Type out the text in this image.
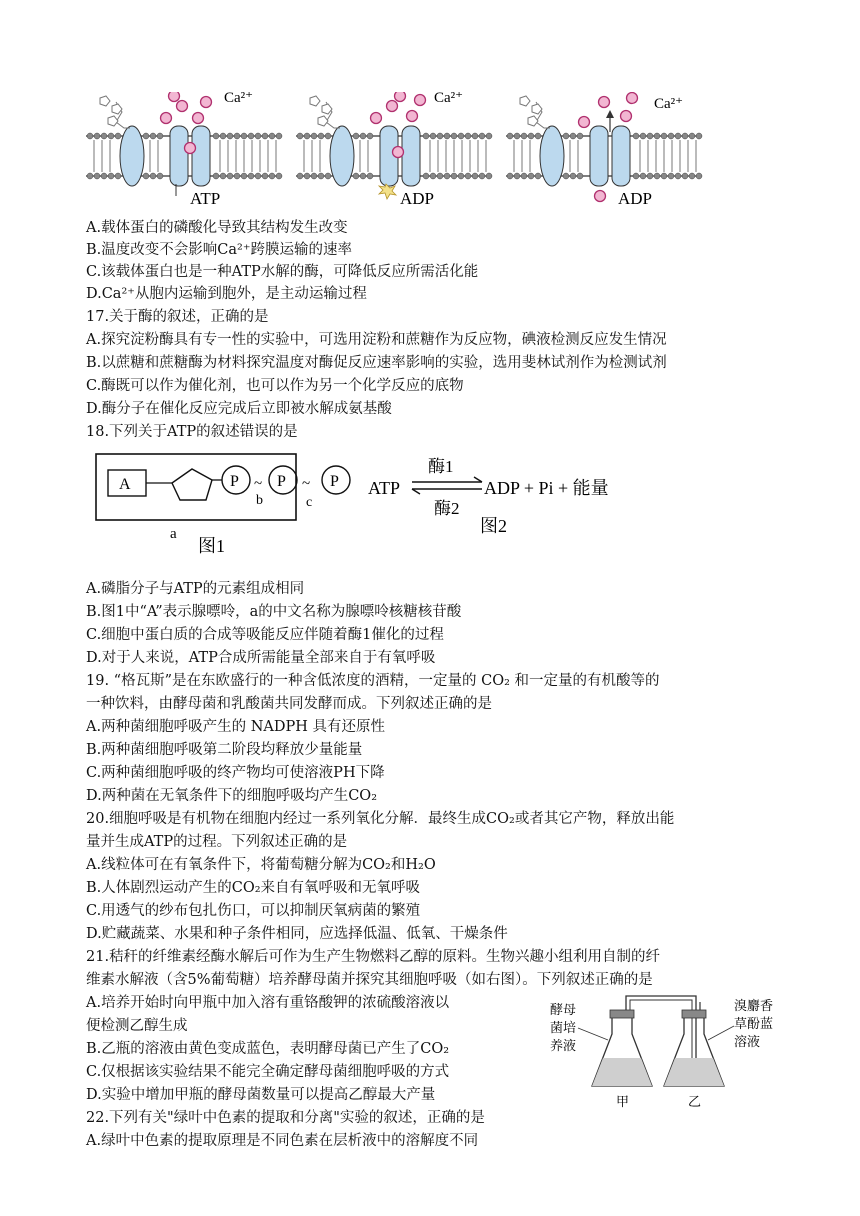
Ca²⁺
ATP
Ca²⁺
ADP
Ca²⁺
ADP
A.载体蛋白的磷酸化导致其结构发生改变
B.温度改变不会影响Ca²⁺跨膜运输的速率
C.该载体蛋白也是一种ATP水解的酶，可降低反应所需活化能
D.Ca²⁺从胞内运输到胞外，是主动运输过程
17.关于酶的叙述，正确的是
A.探究淀粉酶具有专一性的实验中，可选用淀粉和蔗糖作为反应物，碘液检测反应发生情况
B.以蔗糖和蔗糖酶为材料探究温度对酶促反应速率影响的实验，选用斐林试剂作为检测试剂
C.酶既可以作为催化剂，也可以作为另一个化学反应的底物
D.酶分子在催化反应完成后立即被水解成氨基酸
18.下列关于ATP的叙述错误的是
A	P ~
b
P ~
c
P
a
图1
ATP
酶1
酶2
ADP + Pi + 能量
图2
A.磷脂分子与ATP的元素组成相同
B.图1中“A”表示腺嘌呤，a的中文名称为腺嘌呤核糖核苷酸
C.细胞中蛋白质的合成等吸能反应伴随着酶1催化的过程
D.对于人来说，ATP合成所需能量全部来自于有氧呼吸
19. “格瓦斯”是在东欧盛行的一种含低浓度的酒精，一定量的 CO₂ 和一定量的有机酸等的
一种饮料，由酵母菌和乳酸菌共同发酵而成。下列叙述正确的是
A.两种菌细胞呼吸产生的 NADPH 具有还原性
B.两种菌细胞呼吸第二阶段均释放少量能量
C.两种菌细胞呼吸的终产物均可使溶液PH下降
D.两种菌在无氧条件下的细胞呼吸均产生CO₂
20.细胞呼吸是有机物在细胞内经过一系列氧化分解．最终生成CO₂或者其它产物，释放出能
量并生成ATP的过程。下列叙述正确的是
A.线粒体可在有氧条件下，将葡萄糖分解为CO₂和H₂O
B.人体剧烈运动产生的CO₂来自有氧呼吸和无氧呼吸
C.用透气的纱布包扎伤口，可以抑制厌氧病菌的繁殖
D.贮藏蔬菜、水果和种子条件相同，应选择低温、低氧、干燥条件
21.秸秆的纤维素经酶水解后可作为生产生物燃料乙醇的原料。生物兴趣小组利用自制的纤
维素水解液（含5%葡萄糖）培养酵母菌并探究其细胞呼吸（如右图）。下列叙述正确的是
A.培养开始时向甲瓶中加入溶有重铬酸钾的浓硫酸溶液以
便检测乙醇生成
B.乙瓶的溶液由黄色变成蓝色，表明酵母菌已产生了CO₂
C.仅根据该实验结果不能完全确定酵母菌细胞呼吸的方式
D.实验中增加甲瓶的酵母菌数量可以提高乙醇最大产量
酵母
菌培
养液
溴麝香
草酚蓝
溶液
甲	乙
22.下列有关"绿叶中色素的提取和分离"实验的叙述，正确的是
A.绿叶中色素的提取原理是不同色素在层析液中的溶解度不同
